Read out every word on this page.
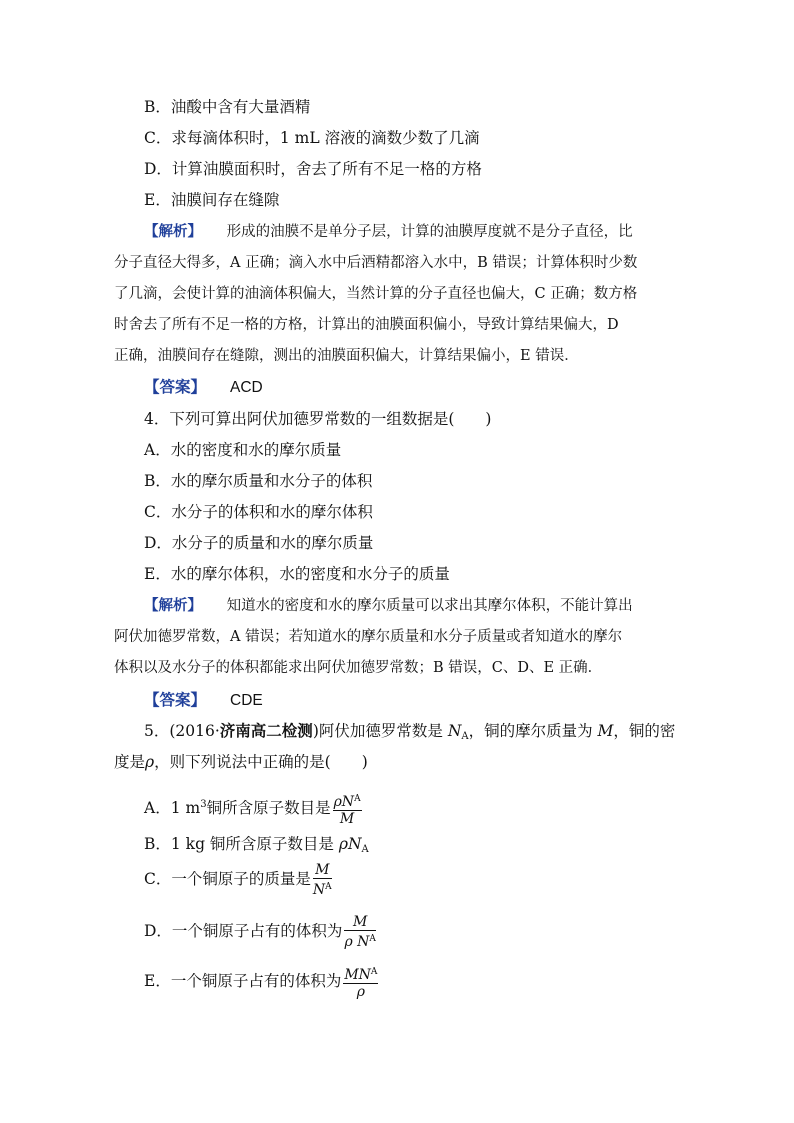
B．油酸中含有大量酒精
C．求每滴体积时，1 mL 溶液的滴数少数了几滴
D．计算油膜面积时，舍去了所有不足一格的方格
E．油膜间存在缝隙
【解析】 形成的油膜不是单分子层，计算的油膜厚度就不是分子直径，比
分子直径大得多，A 正确；滴入水中后酒精都溶入水中，B 错误；计算体积时少数
了几滴，会使计算的油滴体积偏大，当然计算的分子直径也偏大，C 正确；数方格
时舍去了所有不足一格的方格，计算出的油膜面积偏小，导致计算结果偏大，D
正确，油膜间存在缝隙，测出的油膜面积偏大，计算结果偏小，E 错误．
【答案】 ACD
4．下列可算出阿伏加德罗常数的一组数据是(　　)
A．水的密度和水的摩尔质量
B．水的摩尔质量和水分子的体积
C．水分子的体积和水的摩尔体积
D．水分子的质量和水的摩尔质量
E．水的摩尔体积，水的密度和水分子的质量
【解析】 知道水的密度和水的摩尔质量可以求出其摩尔体积，不能计算出
阿伏加德罗常数，A 错误；若知道水的摩尔质量和水分子质量或者知道水的摩尔
体积以及水分子的体积都能求出阿伏加德罗常数；B 错误，C、D、E 正确．
【答案】 CDE
5．(2016·济南高二检测)阿伏加德罗常数是 $N_A$，铜的摩尔质量为 M，铜的密
度是ρ，则下列说法中正确的是(　　)
A．1 $m^3$铜所含原子数目是 $\frac{\rho N^A}{M}$
B．1 kg 铜所含原子数目是 $\rho N_A$
C．一个铜原子的质量是 $\frac{M}{N^A}$
D．一个铜原子占有的体积为 $\frac{M}{\rho N^A}$
E．一个铜原子占有的体积为 $\frac{MN^A}{\rho}$
